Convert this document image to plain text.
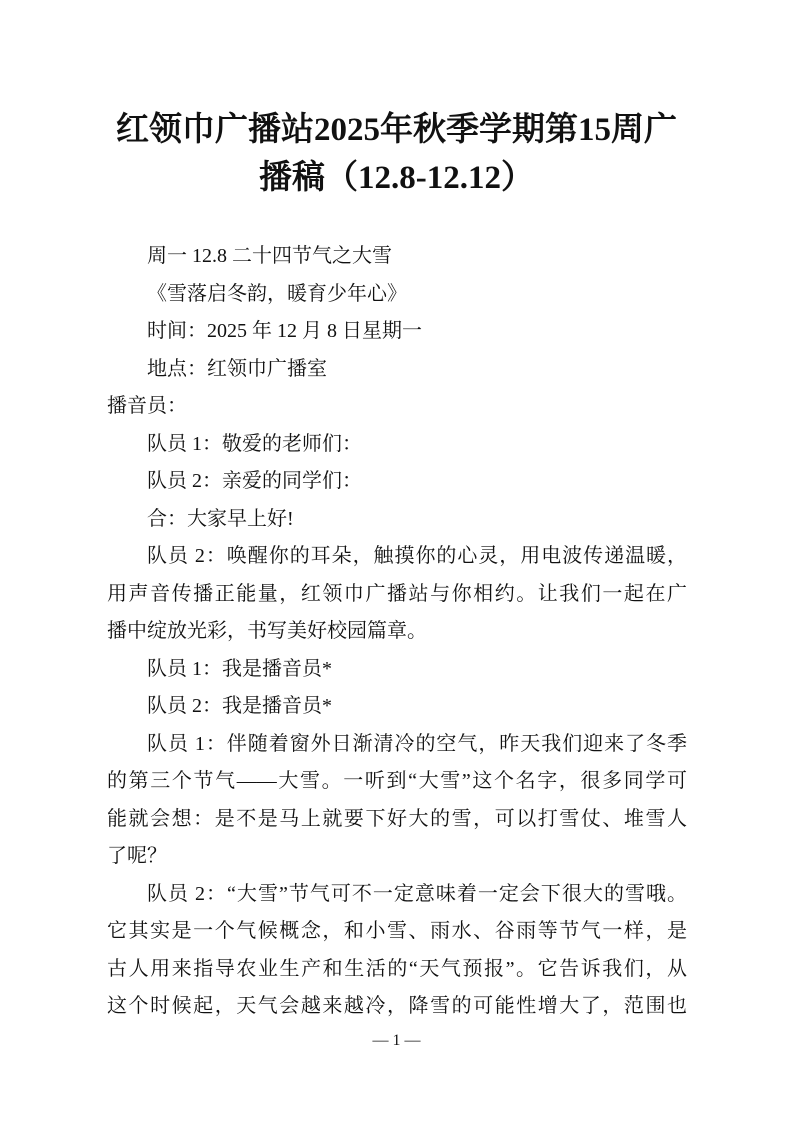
红领巾广播站2025年秋季学期第15周广
播稿（12.8-12.12）
周一 12.8 二十四节气之大雪
《雪落启冬韵，暖育少年心》
时间：2025 年 12 月 8 日星期一
地点：红领巾广播室
播音员：
队员 1：敬爱的老师们：
队员 2：亲爱的同学们：
合：大家早上好!
队员 2：唤醒你的耳朵，触摸你的心灵，用电波传递温暖，
用声音传播正能量，红领巾广播站与你相约。让我们一起在广
播中绽放光彩，书写美好校园篇章。
队员 1：我是播音员*
队员 2：我是播音员*
队员 1：伴随着窗外日渐清冷的空气，昨天我们迎来了冬季
的第三个节气——大雪。一听到“大雪”这个名字，很多同学可
能就会想：是不是马上就要下好大的雪，可以打雪仗、堆雪人
了呢？
队员 2：“大雪”节气可不一定意味着一定会下很大的雪哦。
它其实是一个气候概念，和小雪、雨水、谷雨等节气一样，是
古人用来指导农业生产和生活的“天气预报”。它告诉我们，从
这个时候起，天气会越来越冷，降雪的可能性增大了，范围也
— 1 —
